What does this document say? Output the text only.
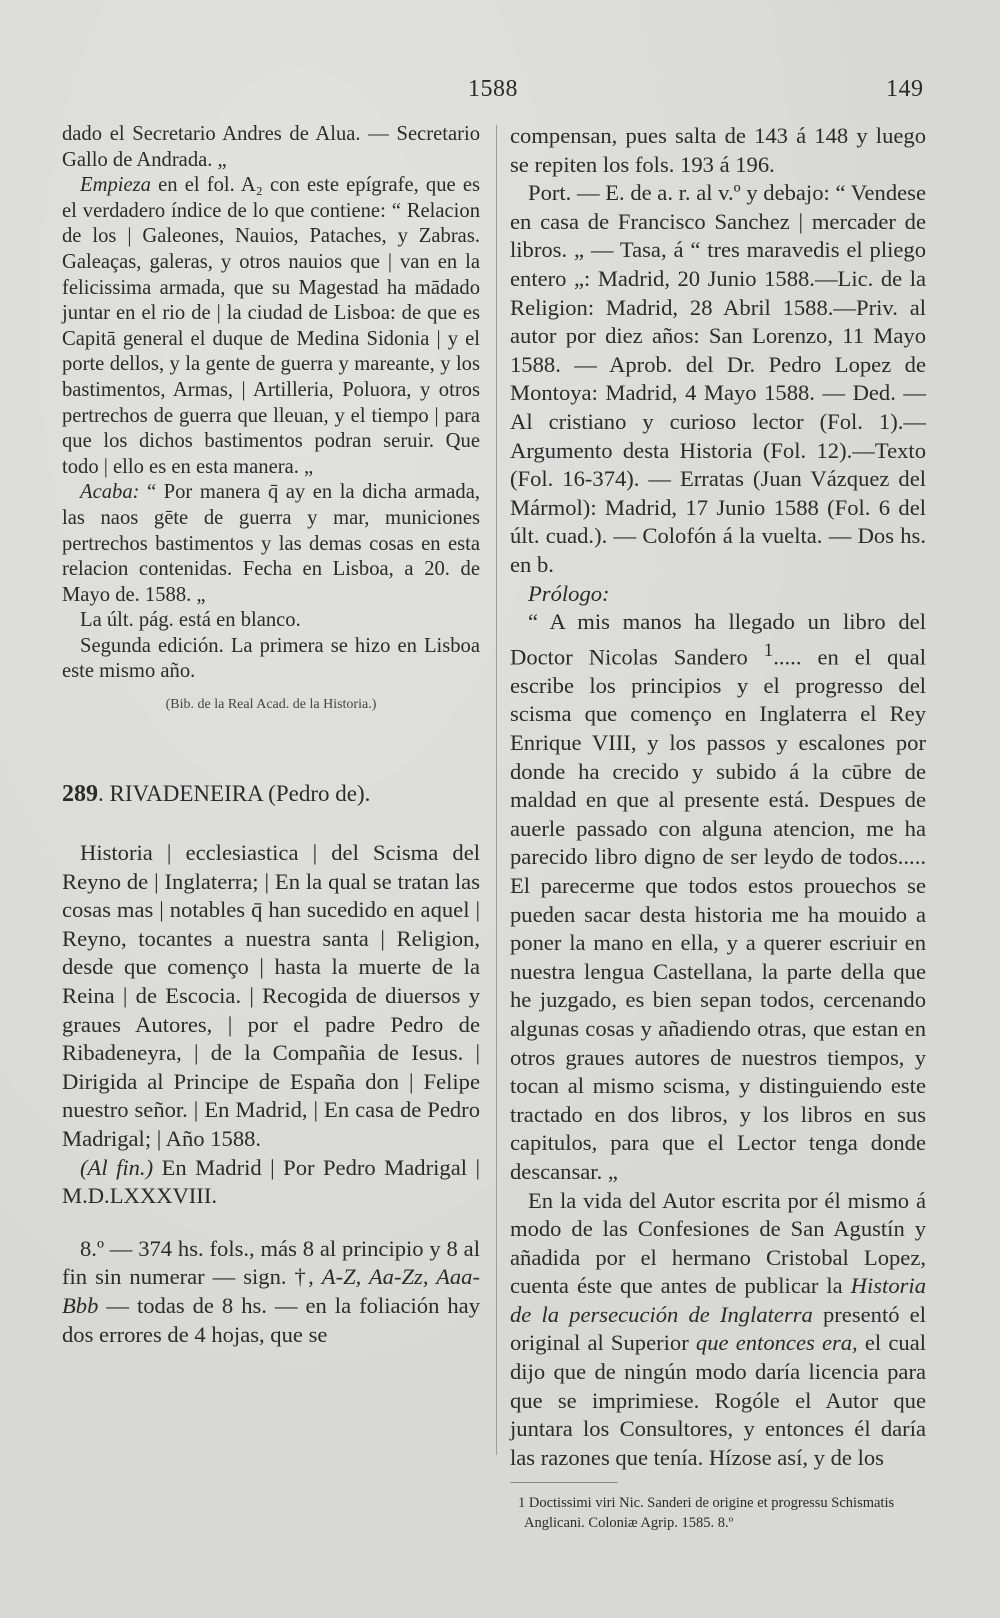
1588	149

dado el Secretario Andres de Alua. — Secretario Gallo de Andrada. „

Empieza en el fol. A₂ con este epígrafe, que es el verdadero índice de lo que contiene: “ Relacion de los | Galeones, Nauios, Pataches, y Zabras. Galeaças, galeras, y otros nauios que | van en la felicissima armada, que su Magestad ha mādado juntar en el rio de | la ciudad de Lisboa: de que es Capitā general el duque de Medina Sidonia | y el porte dellos, y la gente de guerra y mareante, y los bastimentos, Armas, | Artilleria, Poluora, y otros pertrechos de guerra que lleuan, y el tiempo | para que los dichos bastimentos podran seruir. Que todo | ello es en esta manera. „

Acaba: “ Por manera q̄ ay en la dicha armada, las naos gēte de guerra y mar, municiones pertrechos bastimentos y las demas cosas en esta relacion contenidas. Fecha en Lisboa, a 20. de Mayo de. 1588. „

La últ. pág. está en blanco.

Segunda edición. La primera se hizo en Lisboa este mismo año.

(Bib. de la Real Acad. de la Historia.)

289. RIVADENEIRA (Pedro de).

Historia | ecclesiastica | del Scisma del Reyno de | Inglaterra; | En la qual se tratan las cosas mas | notables q̄ han sucedido en aquel | Reyno, tocantes a nuestra santa | Religion, desde que començo | hasta la muerte de la Reina | de Escocia. | Recogida de diuersos y graues Autores, | por el padre Pedro de Ribadeneyra, | de la Compañia de Iesus. | Dirigida al Principe de España don | Felipe nuestro señor. | En Madrid, | En casa de Pedro Madrigal; | Año 1588.

(Al fin.) En Madrid | Por Pedro Madrigal | M.D.LXXXVIII.

8.º — 374 hs. fols., más 8 al principio y 8 al fin sin numerar — sign. †, A-Z, Aa-Zz, Aaa-Bbb — todas de 8 hs. — en la foliación hay dos errores de 4 hojas, que se

compensan, pues salta de 143 á 148 y luego se repiten los fols. 193 á 196.

Port. — E. de a. r. al v.º y debajo: “ Vendese en casa de Francisco Sanchez | mercader de libros. „ — Tasa, á “ tres maravedis el pliego entero „: Madrid, 20 Junio 1588.—Lic. de la Religion: Madrid, 28 Abril 1588.—Priv. al autor por diez años: San Lorenzo, 11 Mayo 1588. — Aprob. del Dr. Pedro Lopez de Montoya: Madrid, 4 Mayo 1588. — Ded. — Al cristiano y curioso lector (Fol. 1).—Argumento desta Historia (Fol. 12).—Texto (Fol. 16-374). — Erratas (Juan Vázquez del Mármol): Madrid, 17 Junio 1588 (Fol. 6 del últ. cuad.). — Colofón á la vuelta. — Dos hs. en b.

Prólogo:

“ A mis manos ha llegado un libro del Doctor Nicolas Sandero $^1$..... en el qual escribe los principios y el progresso del scisma que començo en Inglaterra el Rey Enrique VIII, y los passos y escalones por donde ha crecido y subido á la cūbre de maldad en que al presente está. Despues de auerle passado con alguna atencion, me ha parecido libro digno de ser leydo de todos..... El parecerme que todos estos prouechos se pueden sacar desta historia me ha mouido a poner la mano en ella, y a querer escriuir en nuestra lengua Castellana, la parte della que he juzgado, es bien sepan todos, cercenando algunas cosas y añadiendo otras, que estan en otros graues autores de nuestros tiempos, y tocan al mismo scisma, y distinguiendo este tractado en dos libros, y los libros en sus capitulos, para que el Lector tenga donde descansar. „

En la vida del Autor escrita por él mismo á modo de las Confesiones de San Agustín y añadida por el hermano Cristobal Lopez, cuenta éste que antes de publicar la Historia de la persecución de Inglaterra presentó el original al Superior que entonces era, el cual dijo que de ningún modo daría licencia para que se imprimiese. Rogóle el Autor que juntara los Consultores, y entonces él daría las razones que tenía. Hízose así, y de los

1 Doctissimi viri Nic. Sanderi de origine et progressu Schismatis Anglicani. Coloniæ Agrip. 1585. 8.º
